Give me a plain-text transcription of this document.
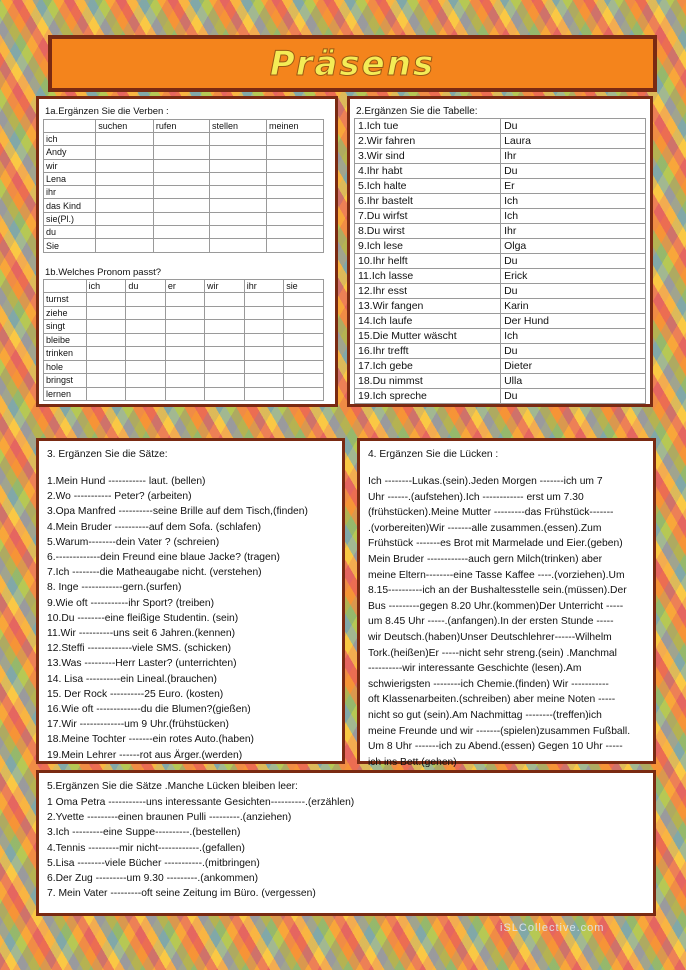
Präsens
1a.Ergänzen Sie die Verben :
	suchen	rufen	stellen	meinen
ich				
Andy				
wir				
Lena				
ihr				
das Kind				
sie(Pl.)				
du				
Sie				
1b.Welches Pronom passt?
	ich	du	er	wir	ihr	sie
turnst						
ziehe						
singt						
bleibe						
trinken						
hole						
bringst						
lernen						
2.Ergänzen Sie die Tabelle:
1.Ich tue	Du
2.Wir fahren	Laura
3.Wir sind	Ihr
4.Ihr habt	Du
5.Ich halte	Er
6.Ihr bastelt	Ich
7.Du wirfst	Ich
8.Du wirst	Ihr
9.Ich lese	Olga
10.Ihr helft	Du
11.Ich lasse	Erick
12.Ihr esst	Du
13.Wir fangen	Karin
14.Ich laufe	Der Hund
15.Die Mutter wäscht	Ich
16.Ihr trefft	Du
17.Ich gebe	Dieter
18.Du nimmst	Ulla
19.Ich spreche	Du
3. Ergänzen Sie die Sätze:
1.Mein Hund ----------- laut. (bellen)
2.Wo ----------- Peter? (arbeiten)
3.Opa Manfred ----------seine Brille auf dem Tisch,(finden)
4.Mein Bruder ----------auf dem Sofa. (schlafen)
5.Warum--------dein Vater ? (schreien)
6.-------------dein Freund eine blaue Jacke? (tragen)
7.Ich --------die Matheaugabe nicht. (verstehen)
8. Inge ------------gern.(surfen)
9.Wie oft -----------ihr Sport? (treiben)
10.Du --------eine fleißige Studentin. (sein)
11.Wir ----------uns seit 6 Jahren.(kennen)
12.Steffi -------------viele SMS. (schicken)
13.Was ---------Herr Laster? (unterrichten)
14. Lisa ----------ein Lineal.(brauchen)
15. Der Rock ----------25 Euro. (kosten)
16.Wie oft -------------du die Blumen?(gießen)
17.Wir -------------um 9 Uhr.(frühstücken)
18.Meine Tochter -------ein rotes Auto.(haben)
19.Mein Lehrer ------rot aus Ärger.(werden)
4. Ergänzen Sie die Lücken :
Ich --------Lukas.(sein).Jeden Morgen -------ich um 7
Uhr ------.(aufstehen).Ich ------------ erst um 7.30
(frühstücken).Meine Mutter ---------das Frühstück-------
.(vorbereiten)Wir -------alle zusammen.(essen).Zum
Frühstück -------es Brot mit Marmelade und Eier.(geben)
Mein Bruder ------------auch gern Milch(trinken) aber
meine Eltern--------eine Tasse Kaffee ----.(vorziehen).Um
8.15----------ich an der Bushaltesstelle sein.(müssen).Der
Bus ---------gegen 8.20 Uhr.(kommen)Der Unterricht -----
um 8.45 Uhr -----.(anfangen).In der ersten Stunde -----
wir Deutsch.(haben)Unser Deutschlehrer------Wilhelm
Tork.(heißen)Er -----nicht sehr streng.(sein) .Manchmal
----------wir interessante Geschichte (lesen).Am
schwierigsten --------ich Chemie.(finden) Wir -----------
oft Klassenarbeiten.(schreiben) aber meine Noten -----
nicht so gut (sein).Am Nachmittag --------(treffen)ich
meine Freunde und wir -------(spielen)zusammen Fußball.
Um 8 Uhr -------ich zu Abend.(essen) Gegen 10 Uhr -----
ich ins Bett.(gehen)
5.Ergänzen Sie die Sätze .Manche Lücken bleiben leer:
1 Oma Petra -----------uns interessante Gesichten----------.(erzählen)
2.Yvette ---------einen braunen Pulli ---------.(anziehen)
3.Ich ---------eine Suppe----------.(bestellen)
4.Tennis ---------mir nicht------------.(gefallen)
5.Lisa --------viele Bücher -----------.(mitbringen)
6.Der Zug ---------um 9.30 ---------.(ankommen)
7. Mein Vater ---------oft seine Zeitung im Büro. (vergessen)
iSLCollective.com
